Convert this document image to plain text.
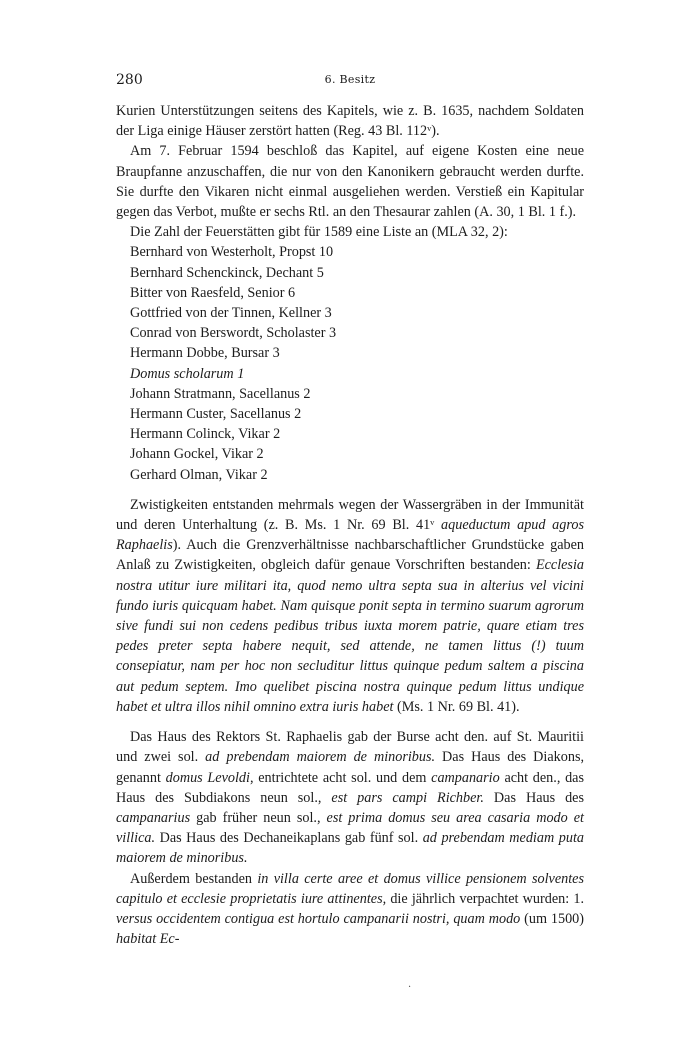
280	6. Besitz

Kurien Unterstützungen seitens des Kapitels, wie z. B. 1635, nachdem Soldaten der Liga einige Häuser zerstört hatten (Reg. 43 Bl. 112ᵛ).

Am 7. Februar 1594 beschloß das Kapitel, auf eigene Kosten eine neue Braupfanne anzuschaffen, die nur von den Kanonikern gebraucht werden durfte. Sie durfte den Vikaren nicht einmal ausgeliehen werden. Verstieß ein Kapitular gegen das Verbot, mußte er sechs Rtl. an den Thesaurar zahlen (A. 30, 1 Bl. 1 f.).

Die Zahl der Feuerstätten gibt für 1589 eine Liste an (MLA 32, 2):

Bernhard von Westerholt, Propst 10
Bernhard Schenckinck, Dechant 5
Bitter von Raesfeld, Senior 6
Gottfried von der Tinnen, Kellner 3
Conrad von Berswordt, Scholaster 3
Hermann Dobbe, Bursar 3
Domus scholarum 1
Johann Stratmann, Sacellanus 2
Hermann Custer, Sacellanus 2
Hermann Colinck, Vikar 2
Johann Gockel, Vikar 2
Gerhard Olman, Vikar 2

Zwistigkeiten entstanden mehrmals wegen der Wassergräben in der Immunität und deren Unterhaltung (z. B. Ms. 1 Nr. 69 Bl. 41ᵛ aqueductum apud agros Raphaelis). Auch die Grenzverhältnisse nachbarschaftlicher Grundstücke gaben Anlaß zu Zwistigkeiten, obgleich dafür genaue Vorschriften bestanden: Ecclesia nostra utitur iure militari ita, quod nemo ultra septa sua in alterius vel vicini fundo iuris quicquam habet. Nam quisque ponit septa in termino suarum agrorum sive fundi sui non cedens pedibus tribus iuxta morem patrie, quare etiam tres pedes preter septa habere nequit, sed attende, ne tamen littus (!) tuum consepiatur, nam per hoc non secluditur littus quinque pedum saltem a piscina aut pedum septem. Imo quelibet piscina nostra quinque pedum littus undique habet et ultra illos nihil omnino extra iuris habet (Ms. 1 Nr. 69 Bl. 41).

Das Haus des Rektors St. Raphaelis gab der Burse acht den. auf St. Mauritii und zwei sol. ad prebendam maiorem de minoribus. Das Haus des Diakons, genannt domus Levoldi, entrichtete acht sol. und dem campanario acht den., das Haus des Subdiakons neun sol., est pars campi Richber. Das Haus des campanarius gab früher neun sol., est prima domus seu area casaria modo et villica. Das Haus des Dechaneikaplans gab fünf sol. ad prebendam mediam puta maiorem de minoribus.

Außerdem bestanden in villa certe aree et domus villice pensionem solventes capitulo et ecclesie proprietatis iure attinentes, die jährlich verpachtet wurden: 1. versus occidentem contigua est hortulo campanarii nostri, quam modo (um 1500) habitat Ec-

·
